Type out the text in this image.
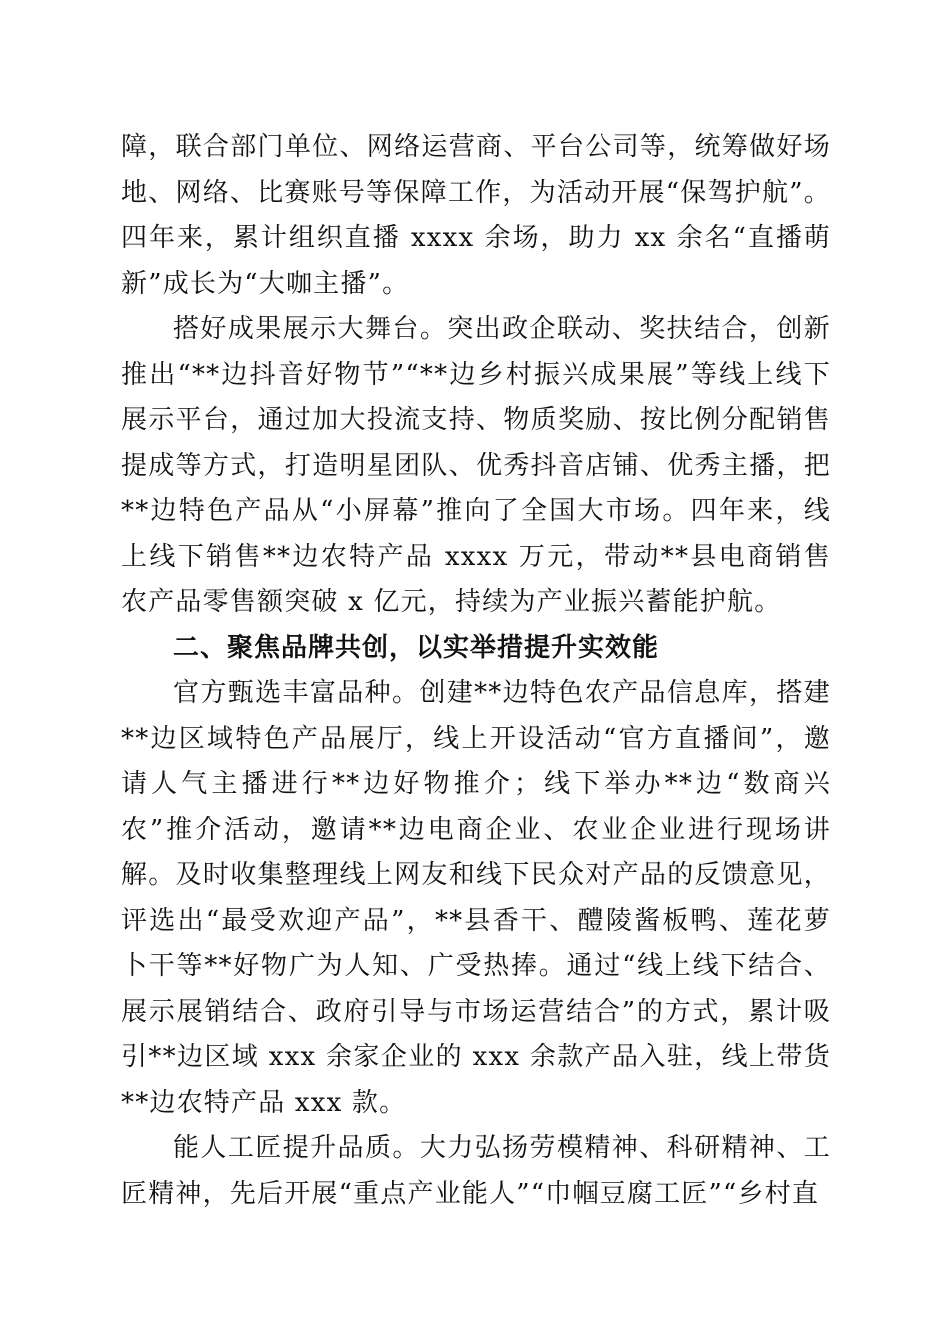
障，联合部门单位、网络运营商、平台公司等，统筹做好场地、网络、比赛账号等保障工作，为活动开展“保驾护航”。四年来，累计组织直播 xxxx 余场，助力 xx 余名“直播萌新”成长为“大咖主播”。

搭好成果展示大舞台。突出政企联动、奖扶结合，创新推出“**边抖音好物节”“**边乡村振兴成果展”等线上线下展示平台，通过加大投流支持、物质奖励、按比例分配销售提成等方式，打造明星团队、优秀抖音店铺、优秀主播，把**边特色产品从“小屏幕”推向了全国大市场。四年来，线上线下销售**边农特产品 xxxx 万元，带动**县电商销售农产品零售额突破 x 亿元，持续为产业振兴蓄能护航。

二、聚焦品牌共创，以实举措提升实效能

官方甄选丰富品种。创建**边特色农产品信息库，搭建**边区域特色产品展厅，线上开设活动“官方直播间”，邀请人气主播进行**边好物推介；线下举办**边“数商兴农”推介活动，邀请**边电商企业、农业企业进行现场讲解。及时收集整理线上网友和线下民众对产品的反馈意见，评选出“最受欢迎产品”，**县香干、醴陵酱板鸭、莲花萝卜干等**好物广为人知、广受热捧。通过“线上线下结合、展示展销结合、政府引导与市场运营结合”的方式，累计吸引**边区域 xxx 余家企业的 xxx 余款产品入驻，线上带货**边农特产品 xxx 款。

能人工匠提升品质。大力弘扬劳模精神、科研精神、工匠精神，先后开展“重点产业能人”“巾帼豆腐工匠”“乡村直
